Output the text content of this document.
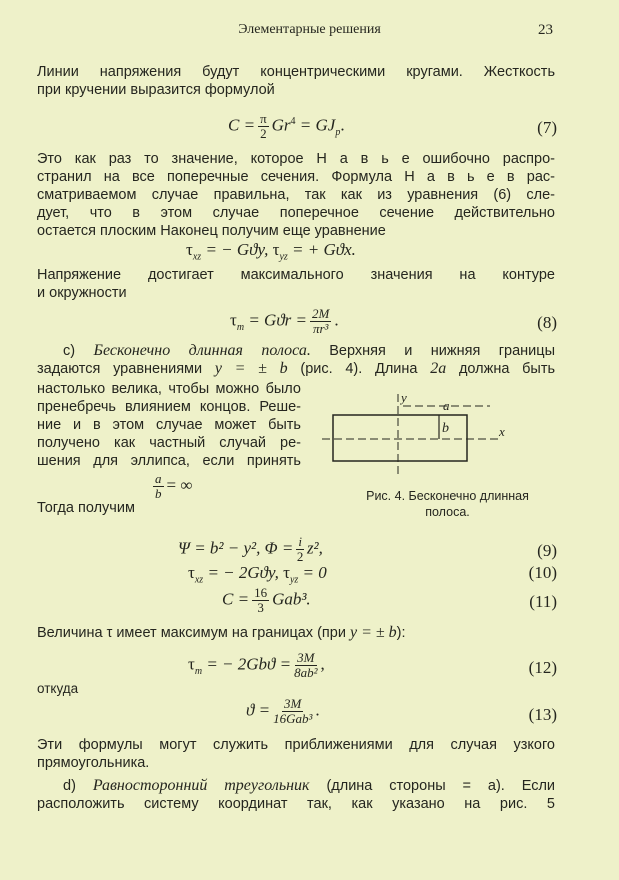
Элементарные решения	23
Линии напряжения будут концентрическими кругами. Жесткость
при кручении выразится формулой
$C = \frac{\pi}{2} Gr^4 = GJ_p$.	(7)
Это как раз то значение, которое Н а в ь е ошибочно распро-
странил на все поперечные сечения. Формула Н а в ь е в рас-
сматриваемом случае правильна, так как из уравнения (6) сле-
дует, что в этом случае поперечное сечение действительно
остается плоским Наконец получим еще уравнение
$\tau_{xz}$ = − Gϑy, $\tau_{yz}$ = + Gϑx.
Напряжение достигает максимального значения на контуре
и окружности
$\tau_m = Gϑr = \frac{2M}{\text{πr³}}$ .	(8)
c) Бесконечно длинная полоса. Верхняя и нижняя границы
задаются уравнениями y = ± b (рис. 4). Длина 2a должна быть
настолько велика, чтобы можно было
пренебречь влиянием концов. Реше-
ние и в этом случае может быть
получено как частный случай ре-
шения для эллипса, если принять
$\frac{a}{b}$ = ∞
Тогда получим
y
a
b	x
Рис. 4. Бесконечно длинная
полоса.
Ψ = b² − y², $\Phi = \frac{i}{2} z^2$,	(9)
$\tau_{xz}$ = − 2Gϑy, $\tau_{yz} = 0$	(10)
$C = \frac{16}{3} Gab^3$.	(11)
Величина τ имеет максимум на границах (при y = ± b):
$\tau_m$ = − $2Gbϑ = \frac{3M}{\text{8ab²}}$ ,	(12)
откуда
ϑ = 3M
16Gab³ .	(13)
Эти формулы могут служить приближениями для случая узкого
прямоугольника.
d) Равносторонний треугольник (длина стороны = a). Если
расположить систему координат так, как указано на рис. 5
